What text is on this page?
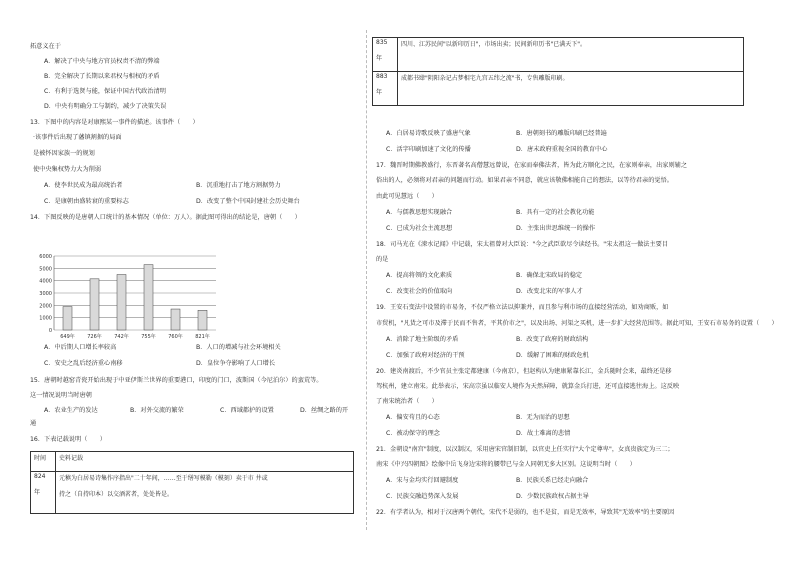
拓意义在于
A．解决了中央与地方官员权责不清的弊端
B．完全解决了长期以来君权与相权的矛盾
C．有利于选贤与能，保证中国古代政治清明
D．中央有明确分工与制约，减少了决策失误
13．下图中的内容是对康熙某一事件的描述。该事件（　　）
·该事件后出现了藩镇割据的局面
是被怀因家族一的规划
使中央集权势力大为削弱
A．使李世民成为最高统治者	B．沉重地打击了地方割据势力
C．是康朝由盛转衰的重要标志	D．改变了整个中国封建社会历史舞台
14．下图反映的是唐朝人口统计的基本情况（单位：万人）。据此图可得出的结论是，唐朝（　　）
0
1000
2000
3000
4000
5000
6000
649年 726年 742年 755年 760年 821年
A．中后期人口增长率较高	B．人口的增减与社会环境相关
C．安史之乱后经济重心南移	D．皇位争夺影响了人口增长
15．唐朝时越窑青瓷开始出现于中亚伊斯兰世界的重要港口，印度的门口，波斯国（今尼泊尔）的蛮荒等。
这一情况说明当时唐朝
A．农业生产的发达	B．对外交流的繁荣	C．西域都护的设置	D．丝绸之路的开
通
16．下表记载说明（　　）
时间	史料记载
824

年	元稹为白居易诗集作序指出"二十年间，……至于缮写模勒（模刻）卖于市 井或

持之（自持印本）以交酒茗者，处处皆是。
835

年	四川、江苏民间"以新印历日"，市场出卖；民间新印历书"已满天下"。
883

年	成都书肆"阴阳杂记占梦相宅九宫五纬之流"书，专售雕版印刷。
A．白居易诗歌反映了盛唐气象	B．唐朝刻书的雕版印刷已经普遍
C．活字印刷加速了文化的传播	D．唐末政府重视全国的教育中心
17．魏晋时期佛教盛行，东晋著名高僧慧远曾说，在家而奉佛法者，皆为此方顺化之民，在家则奉亲，出家则辅之
俗出的人，必须将对君亲的问题而行动。如果君亲不同意，就应该敬佛相能自己的想法，以等待君亲的觉悟。
由此可见慧远（　　）
A．与儒教思想实现融合	B．具有一定的社会教化功能
C．已成为社会主流思想	D．主张出世思维统一的操作
18．司马光在《涑水记闻》中记载，宋太祖曾对大臣说："今之武臣欲尽令读经书。"宋太祖这一做法主要目
的是
A．提高将领的文化素质	B．确保北宋政局的稳定
C．改变社会的价值取向	D．改变北宋的军事人才
19．王安石变法中设置的市易务，不仅严格立法以抑兼并，而且参与利市场的直接经营活动，如劝商贩，如
市贸机，"凡货之可市及滞于民而不售者，平其价市之"，以及出场、河渠之买机，进一步扩大经营范围等。据此可知，王安石市易务的设置（　　）
A．消除了地主阶级的矛盾	B．改变了政府的财政结构
C．加强了政府对经济的干预	D．缓解了困难的财政危机
20．建炎南渡后，不少官员主张定都建康（今南京），但赵构认为建康紧靠长江，金兵随时会来，最终还是移
驾杭州，建立南宋。此举表示，宋高宗虽以临安人境作为天然屏障，就算金兵打进，还可直接逃往海上。这反映
了南宋统治者（　　）
A．偏安苟且的心态	B．无为而治的思想
C．被动保守的理念	D．故土难离的悲情
21．金朝设"南宫"制度，以汉制汉，采用唐宋官制旧制，以官吏上任实行"大个定尊卑"，女真贵族定为三二；
南宋《中兴四朝图》绘像中岳飞身边宋将的腰带已与金人同朝无多大区别。这说明当时（　　）
A．宋与金均实行回避制度	B．民族关系已经走向融合
C．民族交融趋势深入发展	D．少数民族政权占据主导
22．有学者认为，相对于汉唐两个朝代，宋代不是弱的，也不是贫，而是无效率，导致其"无效率"的主要原因
